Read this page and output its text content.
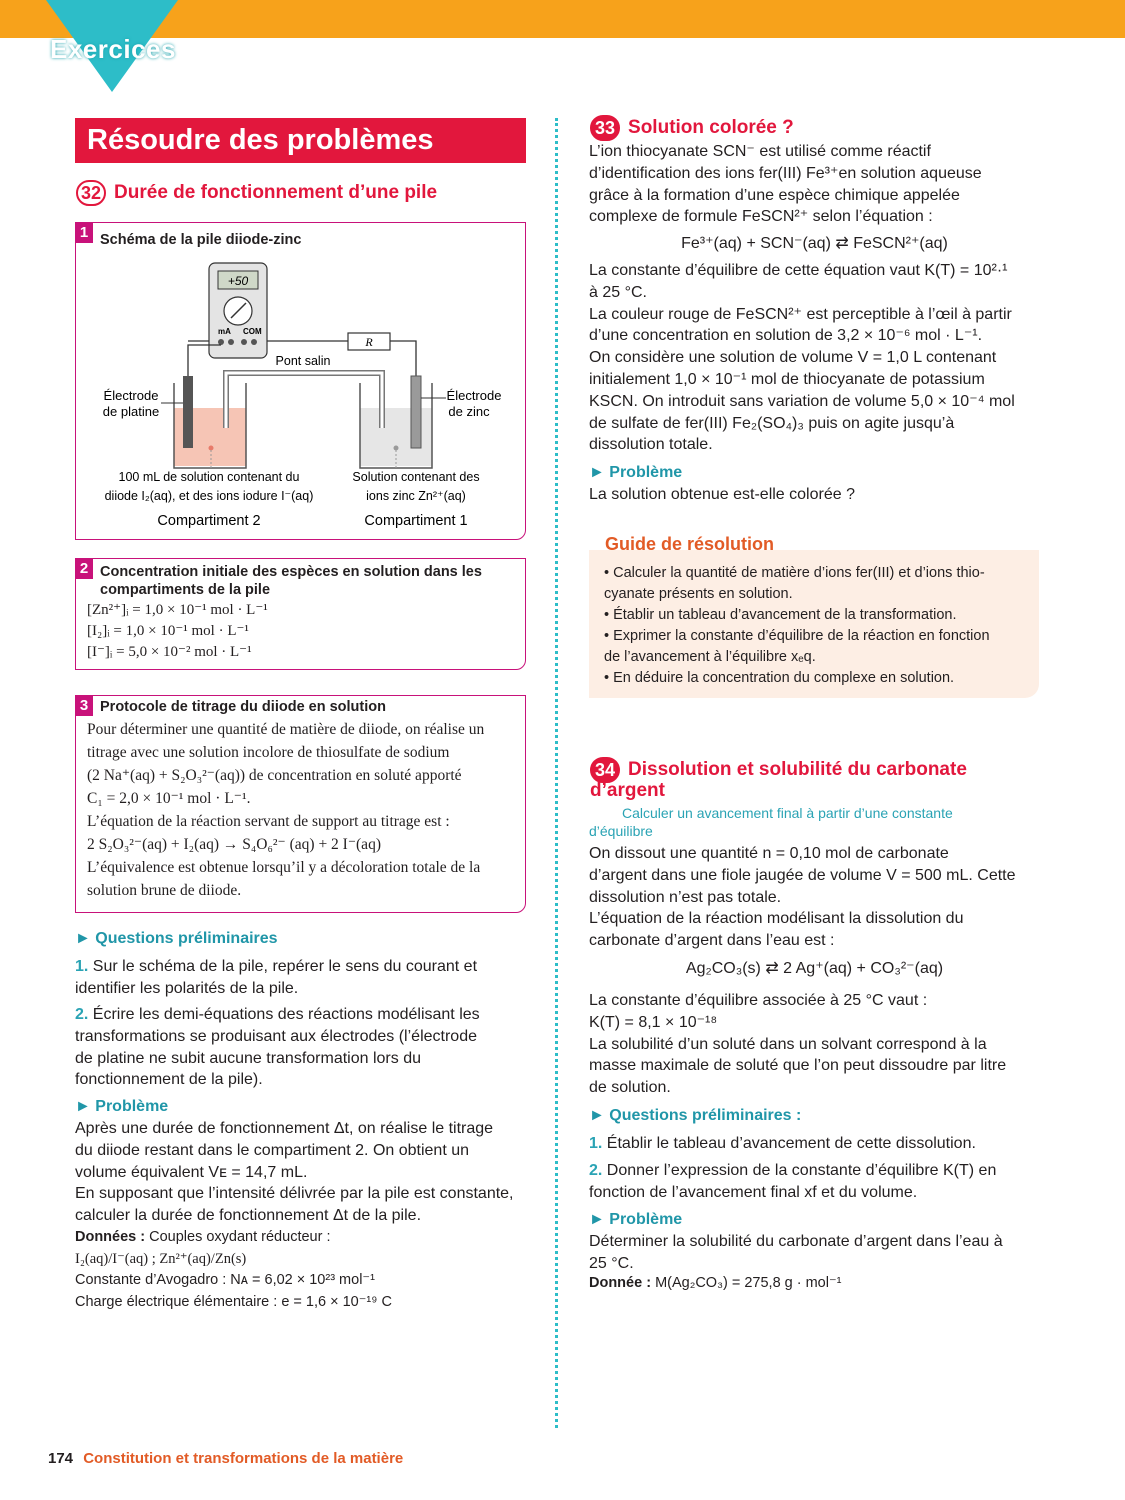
Exercices
Résoudre des problèmes
32 Durée de fonctionnement d’une pile
1 Schéma de la pile diiode-zinc
+50
mA COM
R
Pont salin
Électrode
de platine
Électrode
de zinc
100 mL de solution contenant du
diiode I₂(aq), et des ions iodure I⁻(aq)
Solution contenant des
ions zinc Zn²⁺(aq)
Compartiment 2	Compartiment 1
2 Concentration initiale des espèces en solution dans les
compartiments de la pile
[Zn²⁺]ᵢ = 1,0 × 10⁻¹ mol · L⁻¹
[I₂]ᵢ = 1,0 × 10⁻¹ mol · L⁻¹
[I⁻]ᵢ = 5,0 × 10⁻² mol · L⁻¹
3 Protocole de titrage du diiode en solution
Pour déterminer une quantité de matière de diiode, on réalise un
titrage avec une solution incolore de thiosulfate de sodium
(2 Na⁺(aq) + S₂O₃²⁻(aq)) de concentration en soluté apporté
C₁ = 2,0 × 10⁻¹ mol · L⁻¹.
L’équation de la réaction servant de support au titrage est :
2 S₂O₃²⁻(aq) + I₂(aq) → S₄O₆²⁻ (aq) + 2 I⁻(aq)
L’équivalence est obtenue lorsqu’il y a décoloration totale de la
solution brune de diiode.
► Questions préliminaires
1. Sur le schéma de la pile, repérer le sens du courant et
identifier les polarités de la pile.
2. Écrire les demi-équations des réactions modélisant les
transformations se produisant aux électrodes (l’électrode
de platine ne subit aucune transformation lors du
fonctionnement de la pile).
► Problème
Après une durée de fonctionnement Δt, on réalise le titrage
du diiode restant dans le compartiment 2. On obtient un
volume équivalent Vᴇ = 14,7 mL.
En supposant que l’intensité délivrée par la pile est constante,
calculer la durée de fonctionnement Δt de la pile.
Données : Couples oxydant réducteur :
I₂(aq)/I⁻(aq) ; Zn²⁺(aq)/Zn(s)
Constante d’Avogadro : Nᴀ = 6,02 × 10²³ mol⁻¹
Charge électrique élémentaire : e = 1,6 × 10⁻¹⁹ C
33 Solution colorée ?
L’ion thiocyanate SCN⁻ est utilisé comme réactif
d’identification des ions fer(III) Fe³⁺en solution aqueuse
grâce à la formation d’une espèce chimique appelée
complexe de formule FeSCN²⁺ selon l’équation :
Fe³⁺(aq) + SCN⁻(aq) ⇄ FeSCN²⁺(aq)
La constante d’équilibre de cette équation vaut K(T) = 10²·¹
à 25 °C.
La couleur rouge de FeSCN²⁺ est perceptible à l’œil à partir
d’une concentration en solution de 3,2 × 10⁻⁶ mol · L⁻¹.
On considère une solution de volume V = 1,0 L contenant
initialement 1,0 × 10⁻¹ mol de thiocyanate de potassium
KSCN. On introduit sans variation de volume 5,0 × 10⁻⁴ mol
de sulfate de fer(III) Fe₂(SO₄)₃ puis on agite jusqu’à
dissolution totale.
► Problème
La solution obtenue est-elle colorée ?
Guide de résolution
• Calculer la quantité de matière d’ions fer(III) et d’ions thio-
cyanate présents en solution.
• Établir un tableau d’avancement de la transformation.
• Exprimer la constante d’équilibre de la réaction en fonction
de l’avancement à l’équilibre xₑq.
• En déduire la concentration du complexe en solution.
34 Dissolution et solubilité du carbonate
d’argent
Calculer un avancement final à partir d’une constante
d’équilibre
On dissout une quantité n = 0,10 mol de carbonate
d’argent dans une fiole jaugée de volume V = 500 mL. Cette
dissolution n’est pas totale.
L’équation de la réaction modélisant la dissolution du
carbonate d’argent dans l’eau est :
Ag₂CO₃(s) ⇄ 2 Ag⁺(aq) + CO₃²⁻(aq)
La constante d’équilibre associée à 25 °C vaut :
K(T) = 8,1 × 10⁻¹⁸
La solubilité d’un soluté dans un solvant correspond à la
masse maximale de soluté que l’on peut dissoudre par litre
de solution.
► Questions préliminaires :
1. Établir le tableau d’avancement de cette dissolution.
2. Donner l’expression de la constante d’équilibre K(T) en
fonction de l’avancement final xf et du volume.
► Problème
Déterminer la solubilité du carbonate d’argent dans l’eau à
25 °C.
Donnée : M(Ag₂CO₃) = 275,8 g · mol⁻¹
174 Constitution et transformations de la matière
